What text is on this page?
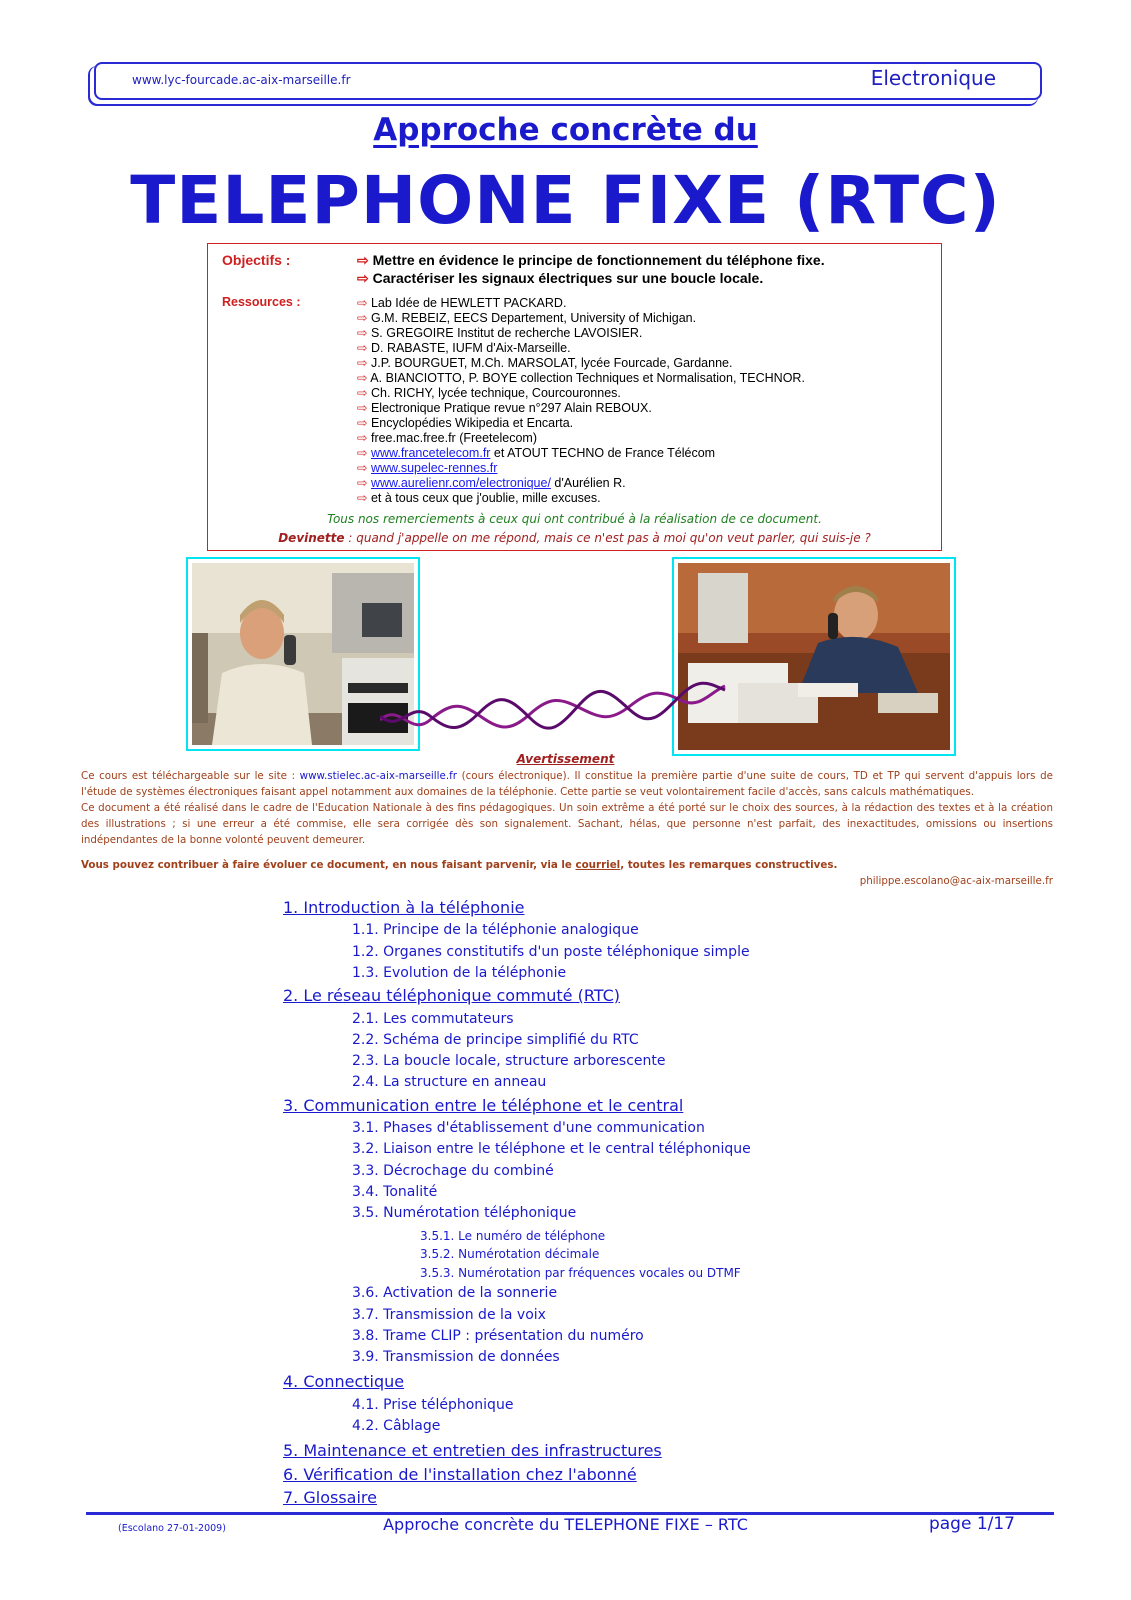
www.lyc-fourcade.ac-aix-marseille.fr	Electronique
Approche concrète du
TELEPHONE FIXE (RTC)
Objectifs :	⇨ Mettre en évidence le principe de fonctionnement du téléphone fixe.
⇨ Caractériser les signaux électriques sur une boucle locale.
Ressources :	⇨ Lab Idée de HEWLETT PACKARD.
⇨ G.M. REBEIZ, EECS Departement, University of Michigan.
⇨ S. GREGOIRE Institut de recherche LAVOISIER.
⇨ D. RABASTE, IUFM d'Aix-Marseille.
⇨ J.P. BOURGUET, M.Ch. MARSOLAT, lycée Fourcade, Gardanne.
⇨ A. BIANCIOTTO, P. BOYE collection Techniques et Normalisation, TECHNOR.
⇨ Ch. RICHY, lycée technique, Courcouronnes.
⇨ Electronique Pratique revue n°297 Alain REBOUX.
⇨ Encyclopédies Wikipedia et Encarta.
⇨ free.mac.free.fr (Freetelecom)
⇨ www.francetelecom.fr et ATOUT TECHNO de France Télécom
⇨ www.supelec-rennes.fr
⇨ www.aurelienr.com/electronique/ d'Aurélien R.
⇨ et à tous ceux que j'oublie, mille excuses.
Tous nos remerciements à ceux qui ont contribué à la réalisation de ce document.
Devinette : quand j'appelle on me répond, mais ce n'est pas à moi qu'on veut parler, qui suis-je ?
Avertissement
Ce cours est téléchargeable sur le site : www.stielec.ac-aix-marseille.fr (cours électronique). Il constitue la première partie d'une suite de cours, TD et TP qui servent d'appuis lors de l'étude de systèmes électroniques faisant appel notamment aux domaines de la téléphonie. Cette partie se veut volontairement facile d'accès, sans calculs mathématiques.
Ce document a été réalisé dans le cadre de l'Education Nationale à des fins pédagogiques. Un soin extrême a été porté sur le choix des sources, à la rédaction des textes et à la création des illustrations ; si une erreur a été commise, elle sera corrigée dès son signalement. Sachant, hélas, que personne n'est parfait, des inexactitudes, omissions ou insertions indépendantes de la bonne volonté peuvent demeurer.
Vous pouvez contribuer à faire évoluer ce document, en nous faisant parvenir, via le courriel, toutes les remarques constructives.
philippe.escolano@ac-aix-marseille.fr
1. Introduction à la téléphonie
1.1. Principe de la téléphonie analogique
1.2. Organes constitutifs d'un poste téléphonique simple
1.3. Evolution de la téléphonie
2. Le réseau téléphonique commuté (RTC)
2.1. Les commutateurs
2.2. Schéma de principe simplifié du RTC
2.3. La boucle locale, structure arborescente
2.4. La structure en anneau
3. Communication entre le téléphone et le central
3.1. Phases d'établissement d'une communication
3.2. Liaison entre le téléphone et le central téléphonique
3.3. Décrochage du combiné
3.4. Tonalité
3.5. Numérotation téléphonique
3.5.1. Le numéro de téléphone
3.5.2. Numérotation décimale
3.5.3. Numérotation par fréquences vocales ou DTMF
3.6. Activation de la sonnerie
3.7. Transmission de la voix
3.8. Trame CLIP : présentation du numéro
3.9. Transmission de données
4. Connectique
4.1. Prise téléphonique
4.2. Câblage
5. Maintenance et entretien des infrastructures
6. Vérification de l'installation chez l'abonné
7. Glossaire
(Escolano 27-01-2009)	Approche concrète du TELEPHONE FIXE – RTC	page 1/17
